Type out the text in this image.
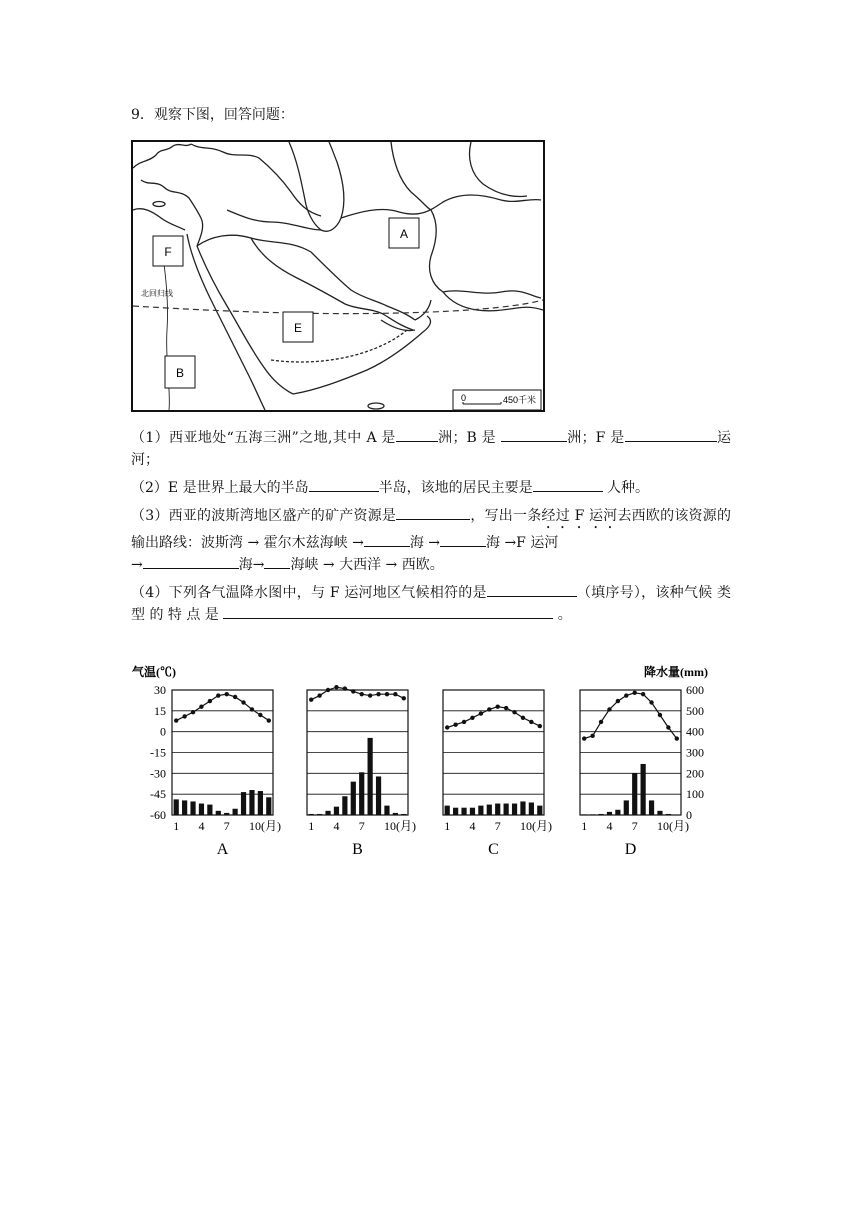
9．观察下图，回答问题：
北回归线
A
F
E
B
0	450千米

（1）西亚地处“五海三洲”之地,其中 A 是	洲；B 是	洲；F 是	运河；

（2）E 是世界上最大的半岛	半岛，该地的居民主要是	人种。

（3）西亚的波斯湾地区盛产的矿产资源是	，写出一条经过 F 运河去西欧的该资源的输出路线：波斯湾 → 霍尔木兹海峡 →	海 →	海 →F 运河
→	海→ 海峡 → 大西洋 → 西欧。

（4）下列各气温降水图中，与 F 运河地区气候相符的是	（填序号），该种气候 类 型 的 特 点 是	。

气温(℃)	降水量(mm)
30
15
0
-15
-30
-45
-60
600
500
400
300
200
100
0
1 4 7 10(月)
A
1 4 7 10(月)
B
1 4 7 10(月)
C
1 4 7 10(月)
D
